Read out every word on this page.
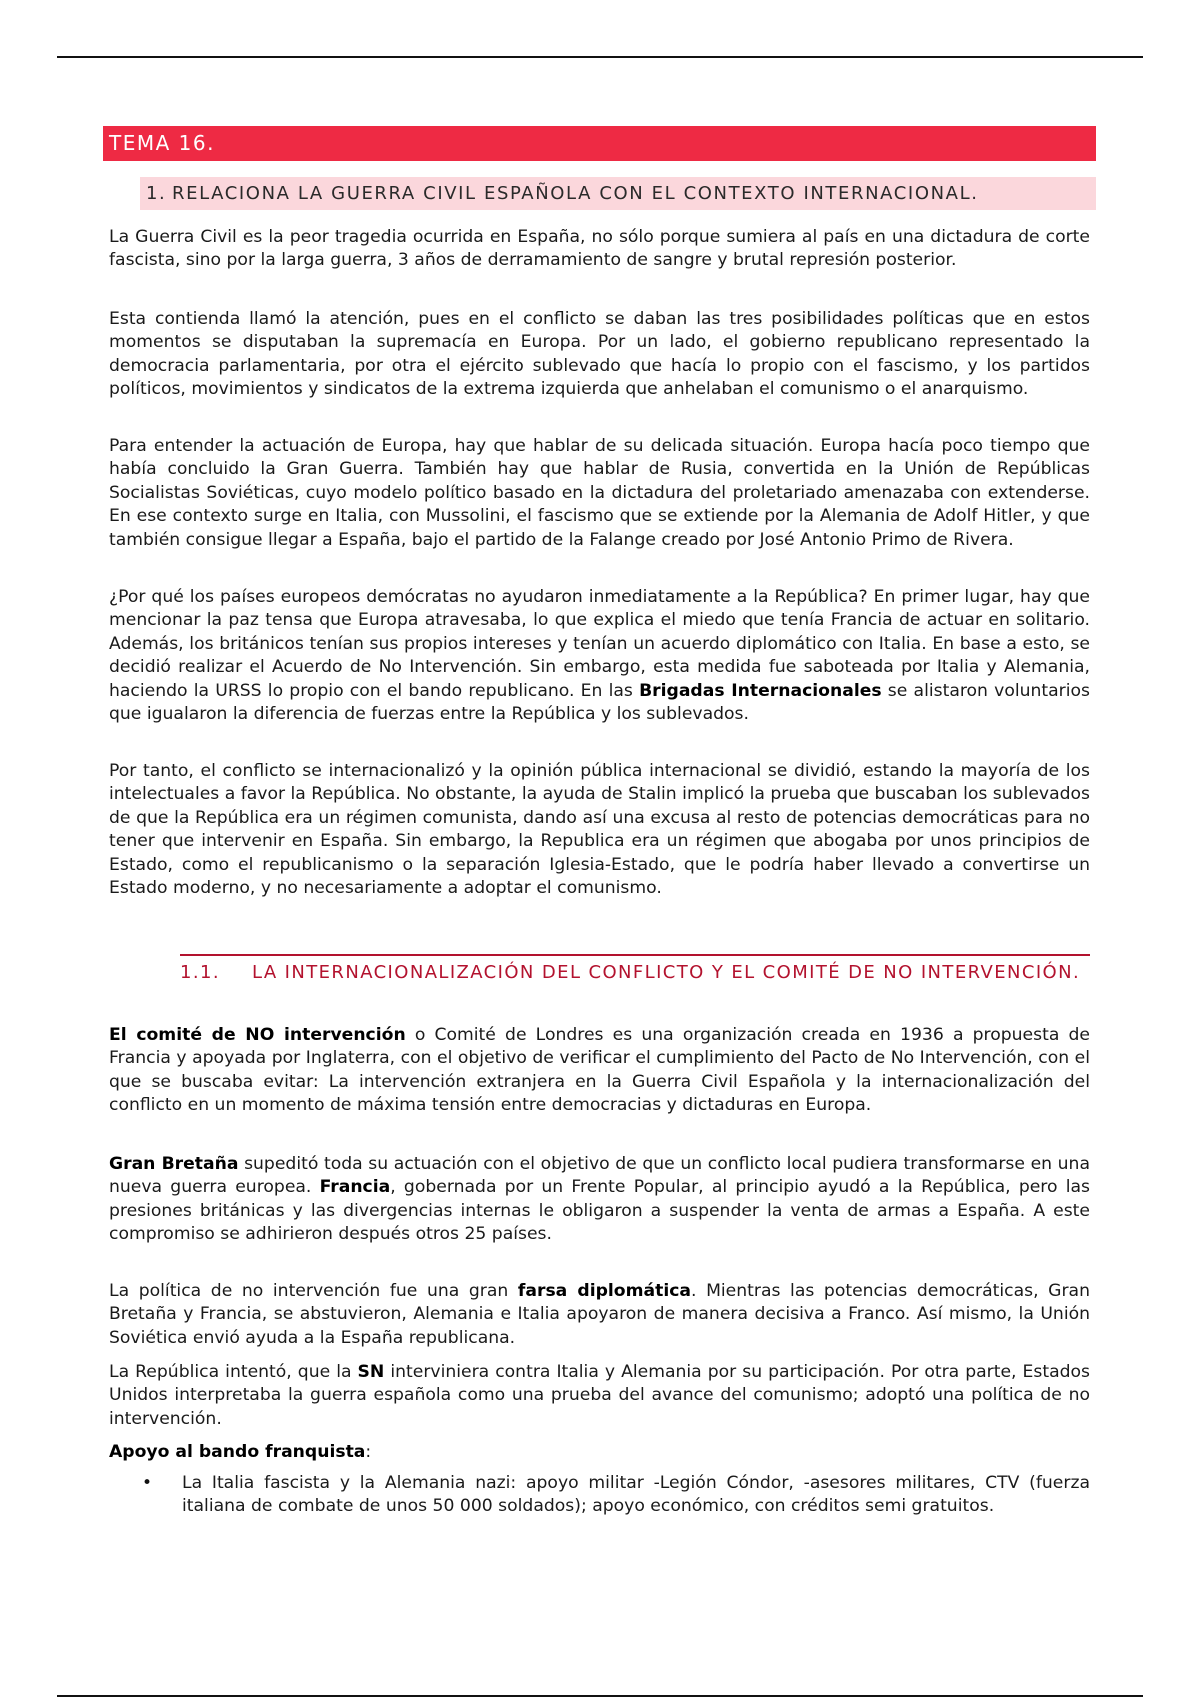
TEMA 16.
1. RELACIONA LA GUERRA CIVIL ESPAÑOLA CON EL CONTEXTO INTERNACIONAL.

La Guerra Civil es la peor tragedia ocurrida en España, no sólo porque sumiera al país en una dictadura de corte fascista, sino por la larga guerra, 3 años de derramamiento de sangre y brutal represión posterior.

Esta contienda llamó la atención, pues en el conflicto se daban las tres posibilidades políticas que en estos momentos se disputaban la supremacía en Europa. Por un lado, el gobierno republicano representado la democracia parlamentaria, por otra el ejército sublevado que hacía lo propio con el fascismo, y los partidos políticos, movimientos y sindicatos de la extrema izquierda que anhelaban el comunismo o el anarquismo.

Para entender la actuación de Europa, hay que hablar de su delicada situación. Europa hacía poco tiempo que había concluido la Gran Guerra. También hay que hablar de Rusia, convertida en la Unión de Repúblicas Socialistas Soviéticas, cuyo modelo político basado en la dictadura del proletariado amenazaba con extenderse. En ese contexto surge en Italia, con Mussolini, el fascismo que se extiende por la Alemania de Adolf Hitler, y que también consigue llegar a España, bajo el partido de la Falange creado por José Antonio Primo de Rivera.

¿Por qué los países europeos demócratas no ayudaron inmediatamente a la República? En primer lugar, hay que mencionar la paz tensa que Europa atravesaba, lo que explica el miedo que tenía Francia de actuar en solitario. Además, los británicos tenían sus propios intereses y tenían un acuerdo diplomático con Italia. En base a esto, se decidió realizar el Acuerdo de No Intervención. Sin embargo, esta medida fue saboteada por Italia y Alemania, haciendo la URSS lo propio con el bando republicano. En las Brigadas Internacionales se alistaron voluntarios que igualaron la diferencia de fuerzas entre la República y los sublevados.

Por tanto, el conflicto se internacionalizó y la opinión pública internacional se dividió, estando la mayoría de los intelectuales a favor la República. No obstante, la ayuda de Stalin implicó la prueba que buscaban los sublevados de que la República era un régimen comunista, dando así una excusa al resto de potencias democráticas para no tener que intervenir en España. Sin embargo, la Republica era un régimen que abogaba por unos principios de Estado, como el republicanismo o la separación Iglesia-Estado, que le podría haber llevado a convertirse un Estado moderno, y no necesariamente a adoptar el comunismo.

1.1.	LA INTERNACIONALIZACIÓN DEL CONFLICTO Y EL COMITÉ DE NO INTERVENCIÓN.

El comité de NO intervención o Comité de Londres es una organización creada en 1936 a propuesta de Francia y apoyada por Inglaterra, con el objetivo de verificar el cumplimiento del Pacto de No Intervención, con el que se buscaba evitar: La intervención extranjera en la Guerra Civil Española y la internacionalización del conflicto en un momento de máxima tensión entre democracias y dictaduras en Europa.

Gran Bretaña supeditó toda su actuación con el objetivo de que un conflicto local pudiera transformarse en una nueva guerra europea. Francia, gobernada por un Frente Popular, al principio ayudó a la República, pero las presiones británicas y las divergencias internas le obligaron a suspender la venta de armas a España. A este compromiso se adhirieron después otros 25 países.

La política de no intervención fue una gran farsa diplomática. Mientras las potencias democráticas, Gran Bretaña y Francia, se abstuvieron, Alemania e Italia apoyaron de manera decisiva a Franco. Así mismo, la Unión Soviética envió ayuda a la España republicana.

La República intentó, que la SN interviniera contra Italia y Alemania por su participación. Por otra parte, Estados Unidos interpretaba la guerra española como una prueba del avance del comunismo; adoptó una política de no intervención.

Apoyo al bando franquista:

• La Italia fascista y la Alemania nazi: apoyo militar -Legión Cóndor, -asesores militares, CTV (fuerza italiana de combate de unos 50 000 soldados); apoyo económico, con créditos semi gratuitos.
